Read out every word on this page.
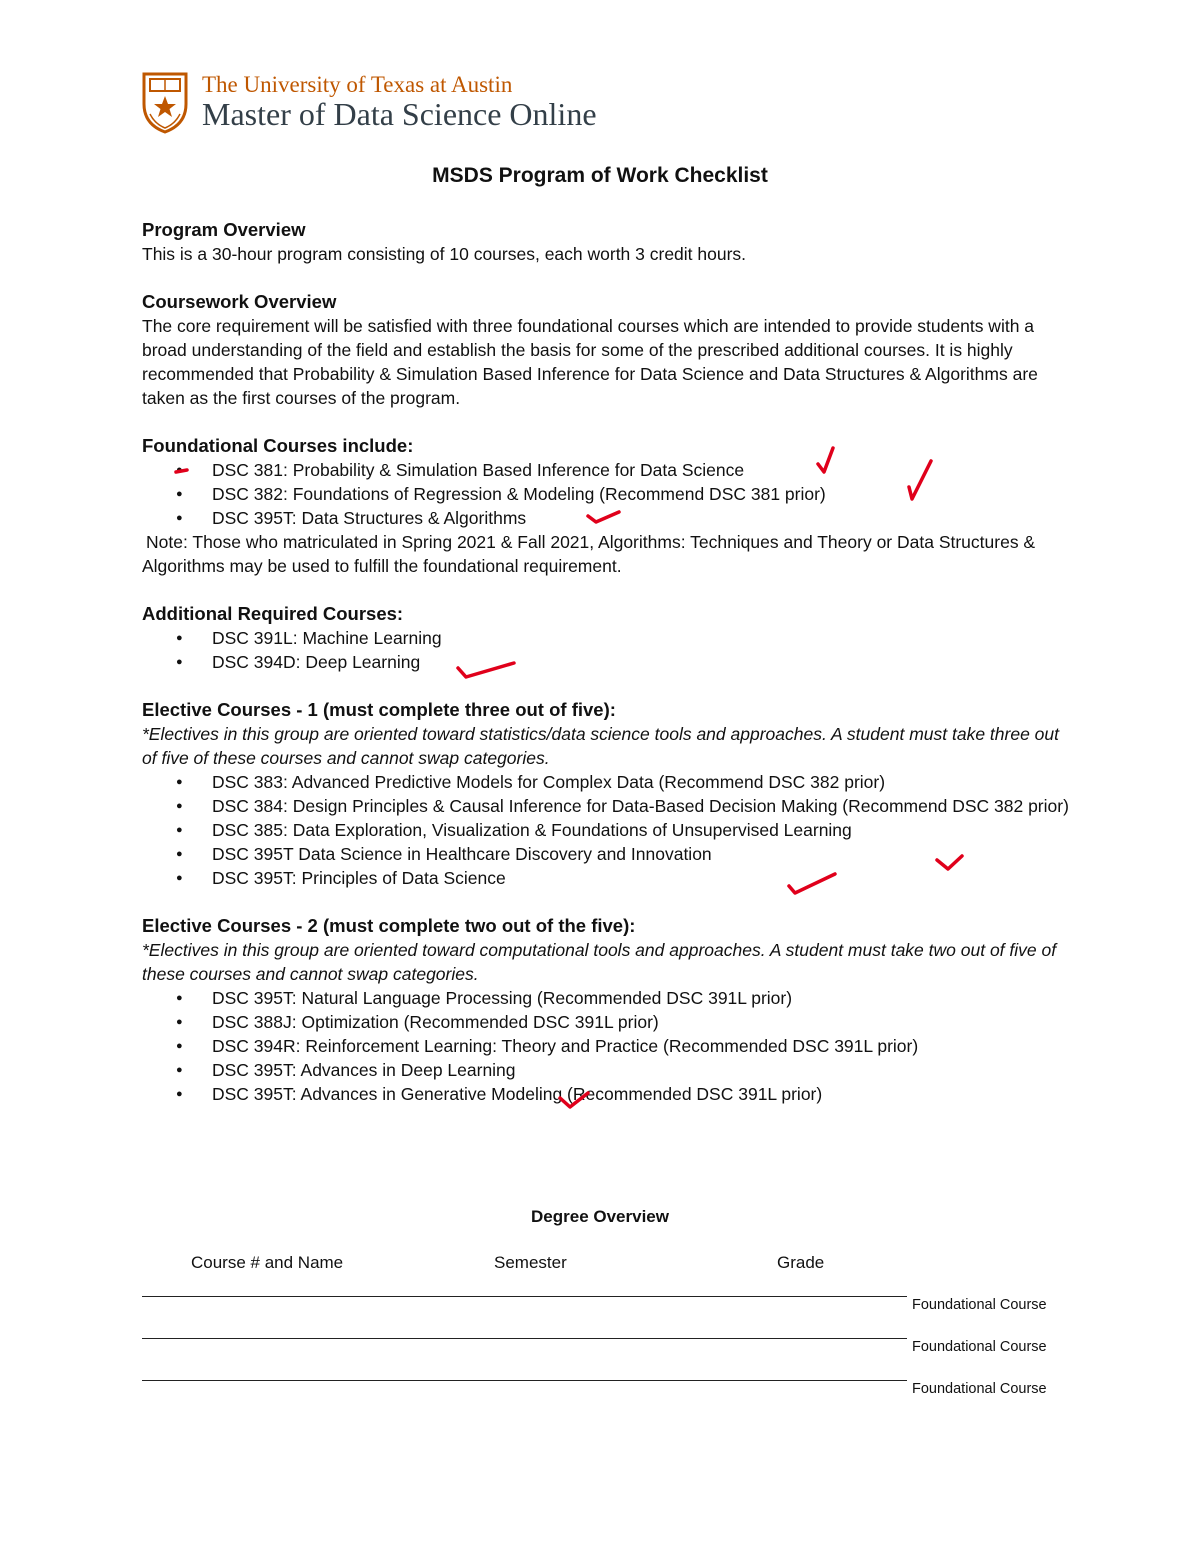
The University of Texas at Austin
Master of Data Science Online
MSDS Program of Work Checklist
Program Overview

This is a 30-hour program consisting of 10 courses, each worth 3 credit hours.

Coursework Overview

The core requirement will be satisfied with three foundational courses which are intended to provide students with a broad understanding of the field and establish the basis for some of the prescribed additional courses. It is highly recommended that Probability & Simulation Based Inference for Data Science and Data Structures & Algorithms are taken as the first courses of the program.

Foundational Courses include:
● DSC 381: Probability & Simulation Based Inference for Data Science
● DSC 382: Foundations of Regression & Modeling (Recommend DSC 381 prior)
● DSC 395T: Data Structures & Algorithms

Note: Those who matriculated in Spring 2021 & Fall 2021, Algorithms: Techniques and Theory or Data Structures & Algorithms may be used to fulfill the foundational requirement.

Additional Required Courses:
● DSC 391L: Machine Learning
● DSC 394D: Deep Learning
Elective Courses - 1 (must complete three out of five):

*Electives in this group are oriented toward statistics/data science tools and approaches. A student must take three out of five of these courses and cannot swap categories.

● DSC 383: Advanced Predictive Models for Complex Data (Recommend DSC 382 prior)
● DSC 384: Design Principles & Causal Inference for Data-Based Decision Making (Recommend DSC 382 prior)
● DSC 385: Data Exploration, Visualization & Foundations of Unsupervised Learning
● DSC 395T Data Science in Healthcare Discovery and Innovation
● DSC 395T: Principles of Data Science
Elective Courses - 2 (must complete two out of the five):

*Electives in this group are oriented toward computational tools and approaches. A student must take two out of five of these courses and cannot swap categories.

● DSC 395T: Natural Language Processing (Recommended DSC 391L prior)
● DSC 388J: Optimization (Recommended DSC 391L prior)
● DSC 394R: Reinforcement Learning: Theory and Practice (Recommended DSC 391L prior)
● DSC 395T: Advances in Deep Learning
● DSC 395T: Advances in Generative Modeling (Recommended DSC 391L prior)
Degree Overview
Course # and Name	Semester	Grade
Foundational Course
Foundational Course
Foundational Course
